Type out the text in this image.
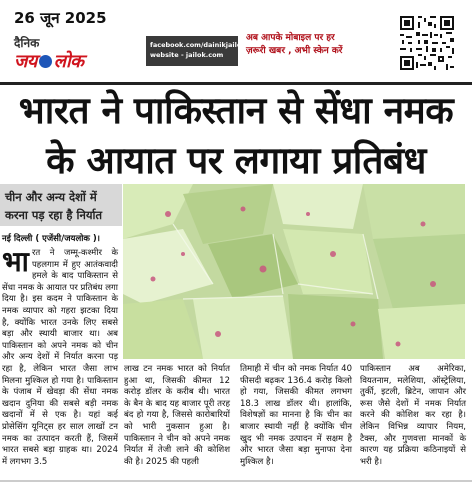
26 जून 2025
दैनिक
जय लोक
facebook.com/dainikjailok
website - jailok.com
अब आपके मोबाइल पर हर
ज़रूरी खबर , अभी स्केन करें
भारत ने पाकिस्तान से सेंधा नमक
के आयात पर लगाया प्रतिबंध
चीन और अन्य देशों में करना पड़ रहा है निर्यात
नई दिल्ली ( एजेंसी/जयलोक )।
भारत ने जम्मू-कश्मीर के पहलगाम में हुए आतंकवादी हमले के बाद पाकिस्तान से सेंधा नमक के आयात पर प्रतिबंध लगा दिया है। इस कदम ने पाकिस्तान के नमक व्यापार को गहरा झटका दिया है, क्योंकि भारत उनके लिए सबसे बड़ा और स्थायी बाजार था। अब पाकिस्तान को अपने नमक को चीन और अन्य देशों में निर्यात करना पड़ रहा है, लेकिन भारत जैसा लाभ मिलना मुश्किल हो गया है। पाकिस्तान के पंजाब में खेवड़ा की सेंधा नमक खदान दुनिया की सबसे बड़ी नमक खदानों में से एक है। यहां कई प्रोसेसिंग यूनिट्स हर साल लाखों टन नमक का उत्पादन करती हैं, जिसमें भारत सबसे बड़ा ग्राहक था। 2024 में लगभग 3.5
लाख टन नमक भारत को निर्यात हुआ था, जिसकी कीमत 12 करोड़ डॉलर के करीब थी। भारत के बैन के बाद यह बाजार पूरी तरह बंद हो गया है, जिससे कारोबारियों को भारी नुकसान हुआ है। पाकिस्तान ने चीन को अपने नमक निर्यात में तेजी लाने की कोशिश की है। 2025 की पहली
तिमाही में चीन को नमक निर्यात 40 फीसदी बढ़कर 136.4 करोड़ किलो हो गया, जिसकी कीमत लगभग 18.3 लाख डॉलर थी। हालांकि, विशेषज्ञों का मानना है कि चीन का बाजार स्थायी नहीं है क्योंकि चीन खुद भी नमक उत्पादन में सक्षम है और भारत जैसा बड़ा मुनाफा देना मुश्किल है।
पाकिस्तान अब अमेरिका, वियतनाम, मलेशिया, ऑस्ट्रेलिया, तुर्की, इटली, ब्रिटेन, जापान और रूस जैसे देशों में नमक निर्यात करने की कोशिश कर रहा है। लेकिन विभिन्न व्यापार नियम, टैक्स, और गुणवत्ता मानकों के कारण यह प्रक्रिया कठिनाइयों से भरी है।
